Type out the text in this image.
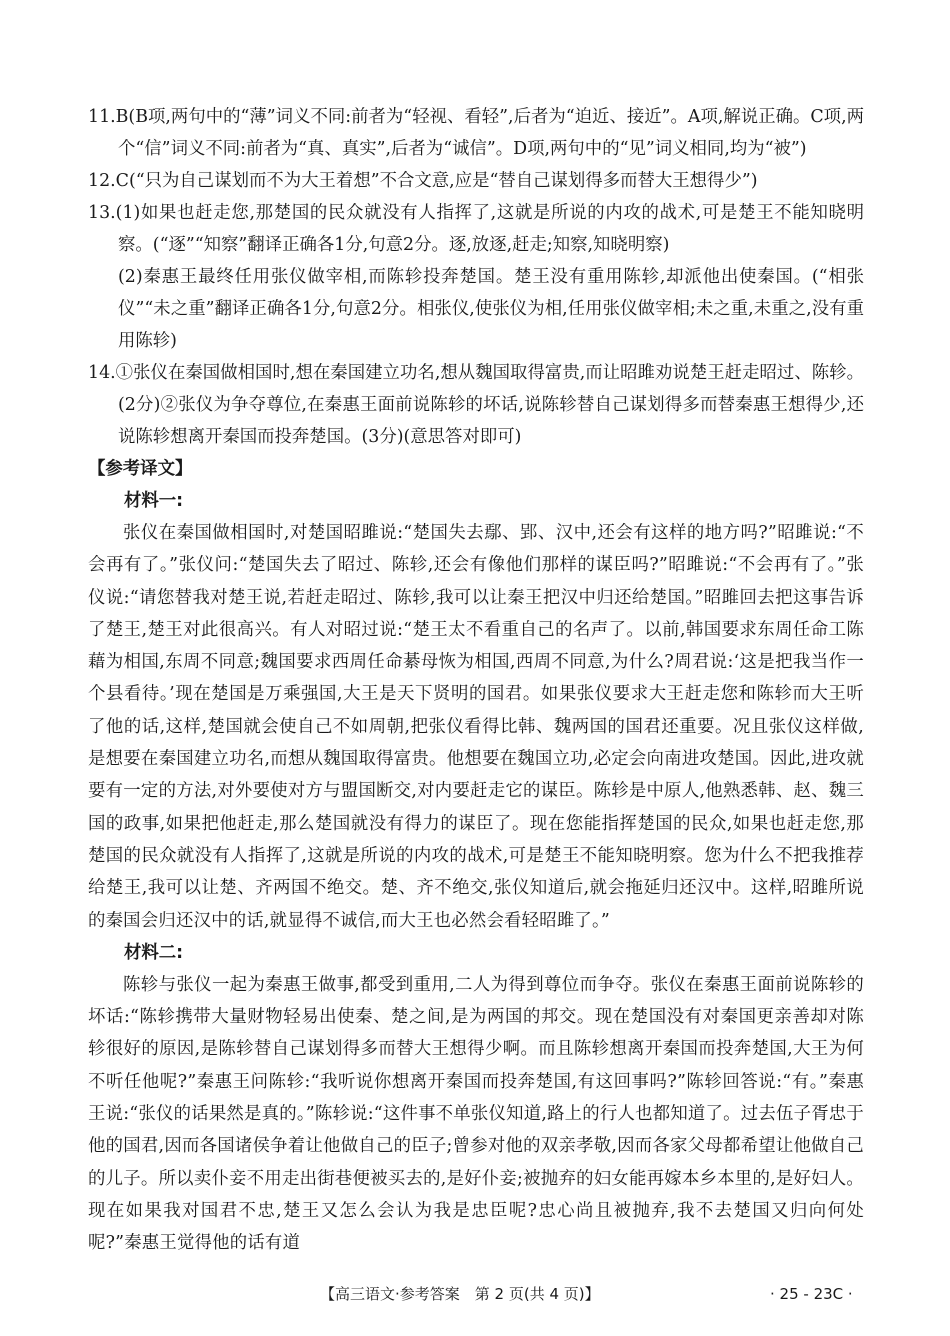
11.B(B项,两句中的“薄”词义不同:前者为“轻视、看轻”,后者为“迫近、接近”。A项,解说正确。C项,两个“信”词义不同:前者为“真、真实”,后者为“诚信”。D项,两句中的“见”词义相同,均为“被”)

12.C(“只为自己谋划而不为大王着想”不合文意,应是“替自己谋划得多而替大王想得少”)

13.(1)如果也赶走您,那楚国的民众就没有人指挥了,这就是所说的内攻的战术,可是楚王不能知晓明察。(“逐”“知察”翻译正确各1分,句意2分。逐,放逐,赶走;知察,知晓明察)

(2)秦惠王最终任用张仪做宰相,而陈轸投奔楚国。楚王没有重用陈轸,却派他出使秦国。(“相张仪”“未之重”翻译正确各1分,句意2分。相张仪,使张仪为相,任用张仪做宰相;未之重,未重之,没有重用陈轸)

14.①张仪在秦国做相国时,想在秦国建立功名,想从魏国取得富贵,而让昭雎劝说楚王赶走昭过、陈轸。(2分)②张仪为争夺尊位,在秦惠王面前说陈轸的坏话,说陈轸替自己谋划得多而替秦惠王想得少,还说陈轸想离开秦国而投奔楚国。(3分)(意思答对即可)

【参考译文】

材料一:

张仪在秦国做相国时,对楚国昭雎说:“楚国失去鄢、郢、汉中,还会有这样的地方吗?”昭雎说:“不会再有了。”张仪问:“楚国失去了昭过、陈轸,还会有像他们那样的谋臣吗?”昭雎说:“不会再有了。”张仪说:“请您替我对楚王说,若赶走昭过、陈轸,我可以让秦王把汉中归还给楚国。”昭雎回去把这事告诉了楚王,楚王对此很高兴。有人对昭过说:“楚王太不看重自己的名声了。以前,韩国要求东周任命工陈藉为相国,东周不同意;魏国要求西周任命綦母恢为相国,西周不同意,为什么?周君说:‘这是把我当作一个县看待。’现在楚国是万乘强国,大王是天下贤明的国君。如果张仪要求大王赶走您和陈轸而大王听了他的话,这样,楚国就会使自己不如周朝,把张仪看得比韩、魏两国的国君还重要。况且张仪这样做,是想要在秦国建立功名,而想从魏国取得富贵。他想要在魏国立功,必定会向南进攻楚国。因此,进攻就要有一定的方法,对外要使对方与盟国断交,对内要赶走它的谋臣。陈轸是中原人,他熟悉韩、赵、魏三国的政事,如果把他赶走,那么楚国就没有得力的谋臣了。现在您能指挥楚国的民众,如果也赶走您,那楚国的民众就没有人指挥了,这就是所说的内攻的战术,可是楚王不能知晓明察。您为什么不把我推荐给楚王,我可以让楚、齐两国不绝交。楚、齐不绝交,张仪知道后,就会拖延归还汉中。这样,昭雎所说的秦国会归还汉中的话,就显得不诚信,而大王也必然会看轻昭雎了。”

材料二:

陈轸与张仪一起为秦惠王做事,都受到重用,二人为得到尊位而争夺。张仪在秦惠王面前说陈轸的坏话:“陈轸携带大量财物轻易出使秦、楚之间,是为两国的邦交。现在楚国没有对秦国更亲善却对陈轸很好的原因,是陈轸替自己谋划得多而替大王想得少啊。而且陈轸想离开秦国而投奔楚国,大王为何不听任他呢?”秦惠王问陈轸:“我听说你想离开秦国而投奔楚国,有这回事吗?”陈轸回答说:“有。”秦惠王说:“张仪的话果然是真的。”陈轸说:“这件事不单张仪知道,路上的行人也都知道了。过去伍子胥忠于他的国君,因而各国诸侯争着让他做自己的臣子;曾参对他的双亲孝敬,因而各家父母都希望让他做自己的儿子。所以卖仆妾不用走出街巷便被买去的,是好仆妾;被抛弃的妇女能再嫁本乡本里的,是好妇人。现在如果我对国君不忠,楚王又怎么会认为我是忠臣呢?忠心尚且被抛弃,我不去楚国又归向何处呢?”秦惠王觉得他的话有道

【高三语文·参考答案　第 2 页(共 4 页)】	· 25 - 23C ·
